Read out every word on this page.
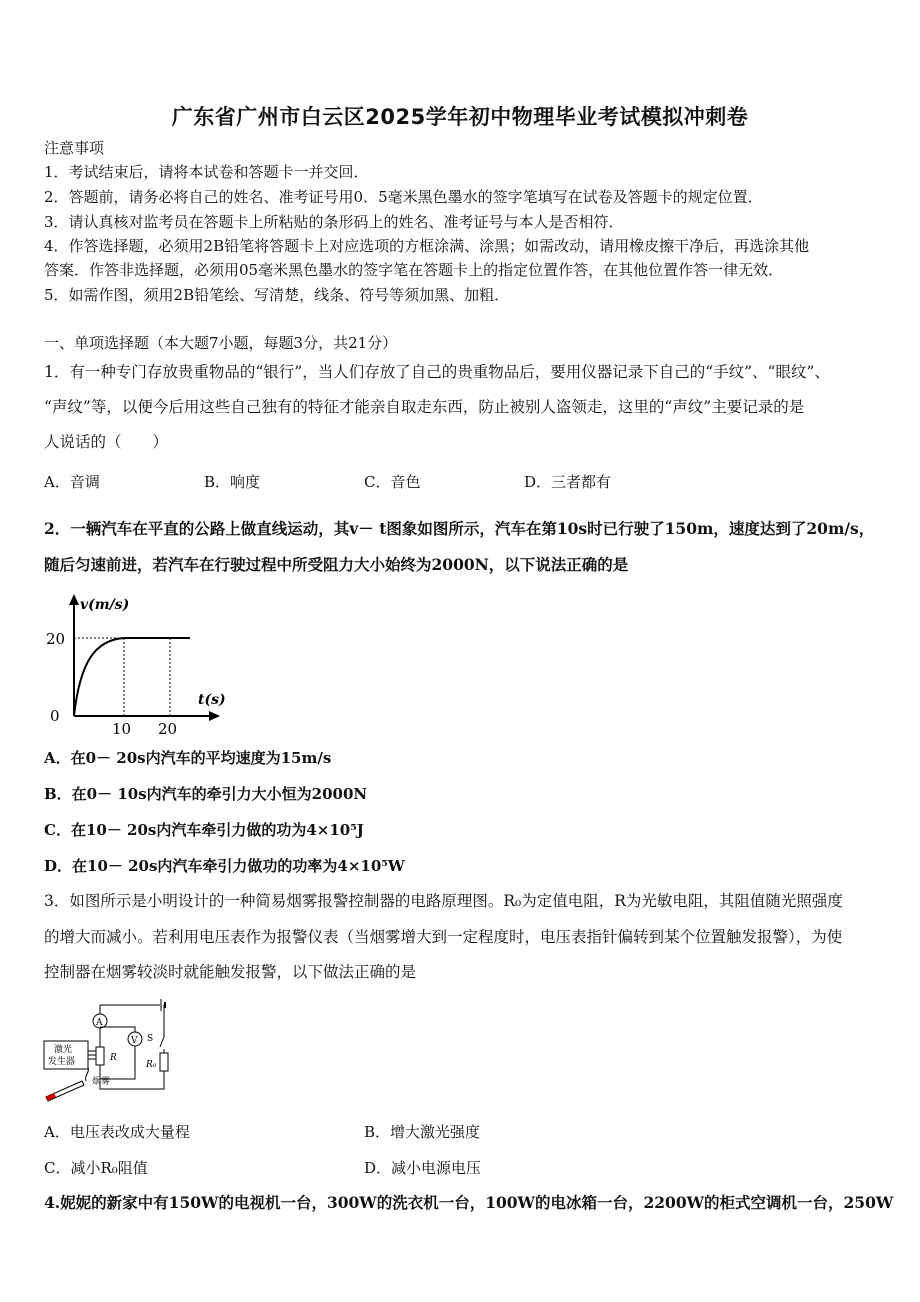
广东省广州市白云区2025学年初中物理毕业考试模拟冲刺卷
注意事项
1．考试结束后，请将本试卷和答题卡一并交回．
2．答题前，请务必将自己的姓名、准考证号用0．5毫米黑色墨水的签字笔填写在试卷及答题卡的规定位置．
3．请认真核对监考员在答题卡上所粘贴的条形码上的姓名、准考证号与本人是否相符．
4．作答选择题，必须用2B铅笔将答题卡上对应选项的方框涂满、涂黑；如需改动，请用橡皮擦干净后，再选涂其他
答案．作答非选择题，必须用05毫米黑色墨水的签字笔在答题卡上的指定位置作答，在其他位置作答一律无效．
5．如需作图，须用2B铅笔绘、写清楚，线条、符号等须加黑、加粗．
一、单项选择题（本大题7小题，每题3分，共21分）
1．有一种专门存放贵重物品的“银行”，当人们存放了自己的贵重物品后，要用仪器记录下自己的“手纹”、“眼纹”、
“声纹”等，以便今后用这些自己独有的特征才能亲自取走东西，防止被别人盗领走，这里的“声纹”主要记录的是
人说话的（　　）
A．音调	B．响度	C．音色	D．三者都有
2．一辆汽车在平直的公路上做直线运动，其v－ t图象如图所示，汽车在第10s时已行驶了150m，速度达到了20m/s，
随后匀速前进，若汽车在行驶过程中所受阻力大小始终为2000N，以下说法正确的是
v(m/s)
t(s)
20
0
10 20
A．在0－ 20s内汽车的平均速度为15m/s
B．在0－ 10s内汽车的牵引力大小恒为2000N
C．在10－ 20s内汽车牵引力做的功为4×10⁵J
D．在10－ 20s内汽车牵引力做功的功率为4×10⁵W
3．如图所示是小明设计的一种简易烟雾报警控制器的电路原理图。R₀为定值电阻，R为光敏电阻，其阻值随光照强度
的增大而减小。若利用电压表作为报警仪表（当烟雾增大到一定程度时，电压表指针偏转到某个位置触发报警），为使
控制器在烟雾较淡时就能触发报警，以下做法正确的是
S
R₀
A
R
V
激光
发生器
烟雾
A．电压表改成大量程	B．增大激光强度
C．减小R₀阻值	D．减小电源电压
4.妮妮的新家中有150W的电视机一台，300W的洗衣机一台，100W的电冰箱一台，2200W的柜式空调机一台，250W
